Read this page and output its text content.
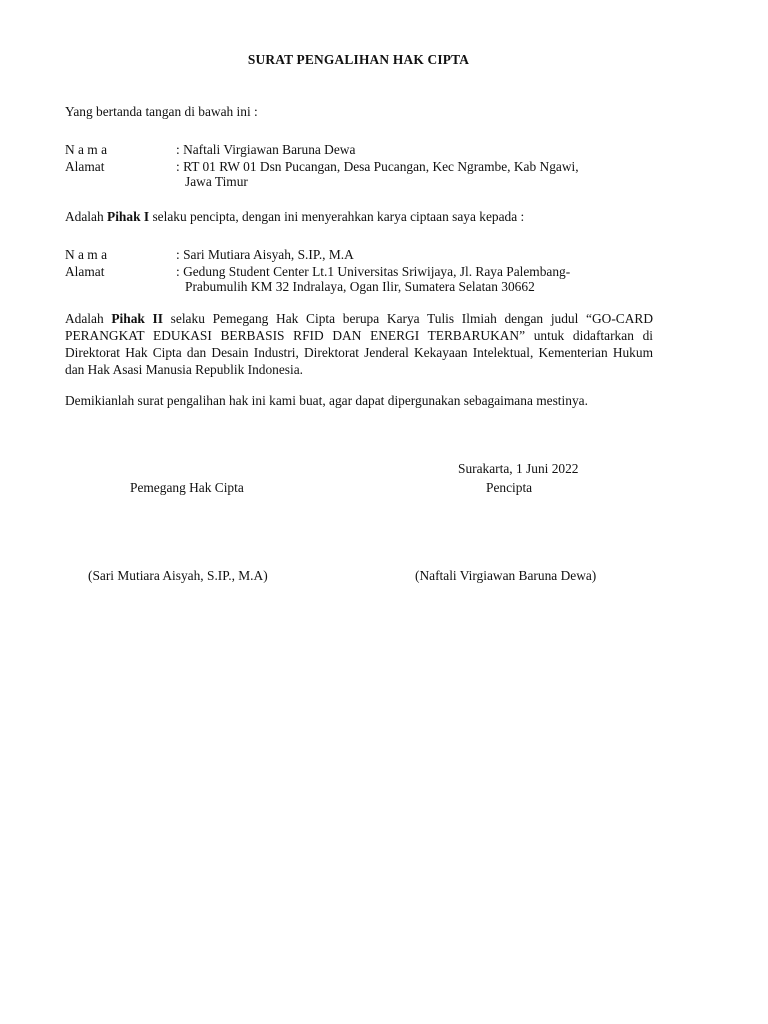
SURAT PENGALIHAN HAK CIPTA
Yang bertanda tangan di bawah ini :
N a m a	: Naftali Virgiawan Baruna Dewa
Alamat	: RT 01 RW 01 Dsn Pucangan, Desa Pucangan, Kec Ngrambe, Kab Ngawi,
Jawa Timur
Adalah Pihak I selaku pencipta, dengan ini menyerahkan karya ciptaan saya kepada :
N a m a	: Sari Mutiara Aisyah, S.IP., M.A
Alamat	: Gedung Student Center Lt.1 Universitas Sriwijaya, Jl. Raya Palembang-
Prabumulih KM 32 Indralaya, Ogan Ilir, Sumatera Selatan 30662
Adalah Pihak II selaku Pemegang Hak Cipta berupa Karya Tulis Ilmiah dengan judul “GO-CARD PERANGKAT EDUKASI BERBASIS RFID DAN ENERGI TERBARUKAN” untuk didaftarkan di Direktorat Hak Cipta dan Desain Industri, Direktorat Jenderal Kekayaan Intelektual, Kementerian Hukum dan Hak Asasi Manusia Republik Indonesia.
Demikianlah surat pengalihan hak ini kami buat, agar dapat dipergunakan sebagaimana mestinya.
Surakarta, 1 Juni 2022
Pemegang Hak Cipta	Pencipta
(Sari Mutiara Aisyah, S.IP., M.A)	(Naftali Virgiawan Baruna Dewa)
